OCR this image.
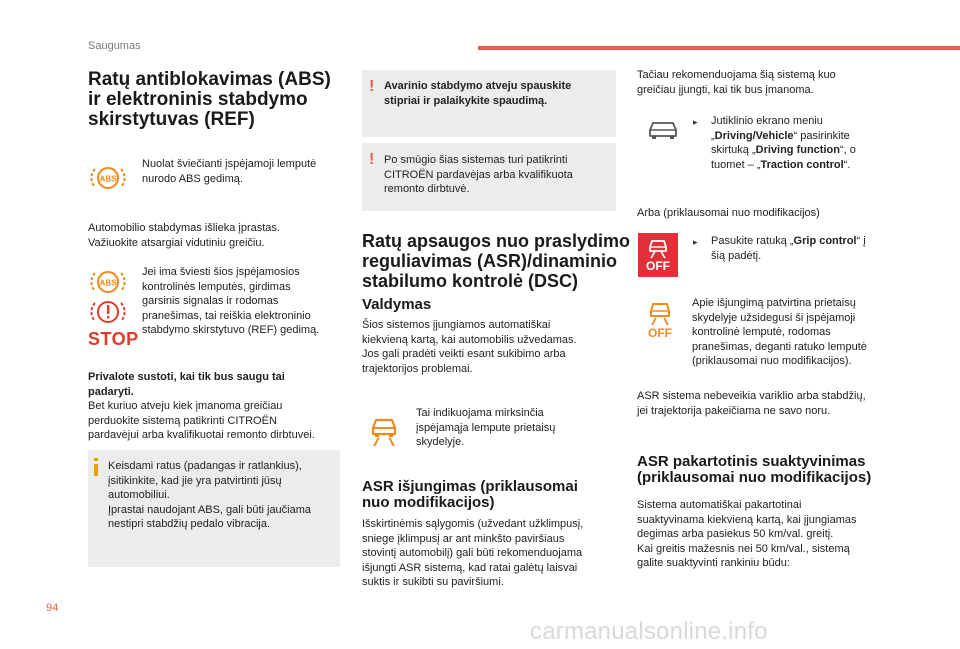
Saugumas
Ratų antiblokavimas (ABS)
ir elektroninis stabdymo
skirstytuvas (REF)
ABS
Nuolat šviečianti įspėjamoji lemputė
nurodo ABS gedimą.
Automobilio stabdymas išlieka įprastas.
Važiuokite atsargiai vidutiniu greičiu.
ABS
STOP
Jei ima šviesti šios įspėjamosios
kontrolinės lemputės, girdimas
garsinis signalas ir rodomas
pranešimas, tai reiškia elektroninio
stabdymo skirstytuvo (REF) gedimą.
Privalote sustoti, kai tik bus saugu tai
padaryti.
Bet kuriuo atveju kiek įmanoma greičiau
perduokite sistemą patikrinti CITROËN
pardavėjui arba kvalifikuotai remonto dirbtuvei.
Keisdami ratus (padangas ir ratlankius),
įsitikinkite, kad jie yra patvirtinti jūsų
automobiliui.
Įprastai naudojant ABS, gali būti jaučiama
nestipri stabdžių pedalo vibracija.
! Avarinio stabdymo atveju spauskite
stipriai ir palaikykite spaudimą.
! Po smūgio šias sistemas turi patikrinti
CITROËN pardavėjas arba kvalifikuota
remonto dirbtuvė.
Ratų apsaugos nuo praslydimo
reguliavimas (ASR)/dinaminio
stabilumo kontrolė (DSC)
Valdymas
Šios sistemos įjungiamos automatiškai
kiekvieną kartą, kai automobilis užvedamas.
Jos gali pradėti veikti esant sukibimo arba
trajektorijos problemai.
Tai indikuojama mirksinčia
įspėjamąja lempute prietaisų
skydelyje.
ASR išjungimas (priklausomai
nuo modifikacijos)
Išskirtinėmis sąlygomis (užvedant užklimpusį,
sniege įklimpusį ar ant minkšto paviršiaus
stovintį automobilį) gali būti rekomenduojama
išjungti ASR sistemą, kad ratai galėtų laisvai
suktis ir sukibti su paviršiumi.
Tačiau rekomenduojama šią sistemą kuo
greičiau įjungti, kai tik bus įmanoma.
▸ Jutiklinio ekrano meniu
„Driving/Vehicle“ pasirinkite
skirtuką „Driving function“, o
tuomet – „Traction control“.
Arba (priklausomai nuo modifikacijos)
OFF
▸ Pasukite ratuką „Grip control“ į
šią padėtį.
OFF
Apie išjungimą patvirtina prietaisų
skydelyje užsidegusi ši įspėjamoji
kontrolinė lemputė, rodomas
pranešimas, deganti ratuko lemputė
(priklausomai nuo modifikacijos).
ASR sistema nebeveikia variklio arba stabdžių,
jei trajektorija pakeičiama ne savo noru.
ASR pakartotinis suaktyvinimas
(priklausomai nuo modifikacijos)
Sistema automatiškai pakartotinai
suaktyvinama kiekvieną kartą, kai įjungiamas
degimas arba pasiekus 50 km/val. greitį.
Kai greitis mažesnis nei 50 km/val., sistemą
galite suaktyvinti rankiniu būdu:
94
carmanualsonline.info
